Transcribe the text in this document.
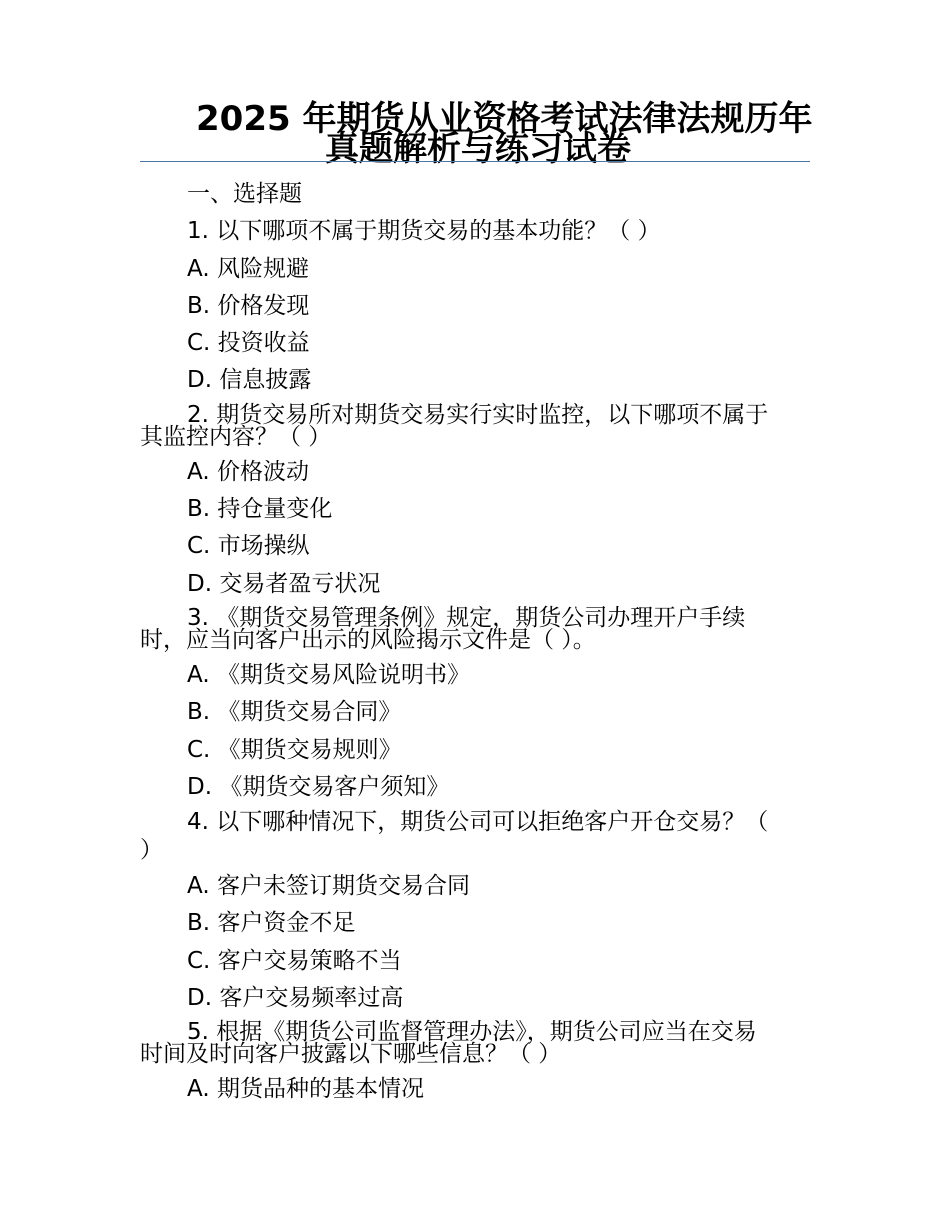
2025 年期货从业资格考试法律法规历年
真题解析与练习试卷
一、选择题
1. 以下哪项不属于期货交易的基本功能？（ ）
A. 风险规避
B. 价格发现
C. 投资收益
D. 信息披露
2. 期货交易所对期货交易实行实时监控，以下哪项不属于
其监控内容？（ ）
A. 价格波动
B. 持仓量变化
C. 市场操纵
D. 交易者盈亏状况
3. 《期货交易管理条例》规定，期货公司办理开户手续
时，应当向客户出示的风险揭示文件是（ ）。
A. 《期货交易风险说明书》
B. 《期货交易合同》
C. 《期货交易规则》
D. 《期货交易客户须知》
4. 以下哪种情况下，期货公司可以拒绝客户开仓交易？（
）
A. 客户未签订期货交易合同
B. 客户资金不足
C. 客户交易策略不当
D. 客户交易频率过高
5. 根据《期货公司监督管理办法》，期货公司应当在交易
时间及时向客户披露以下哪些信息？（ ）
A. 期货品种的基本情况
